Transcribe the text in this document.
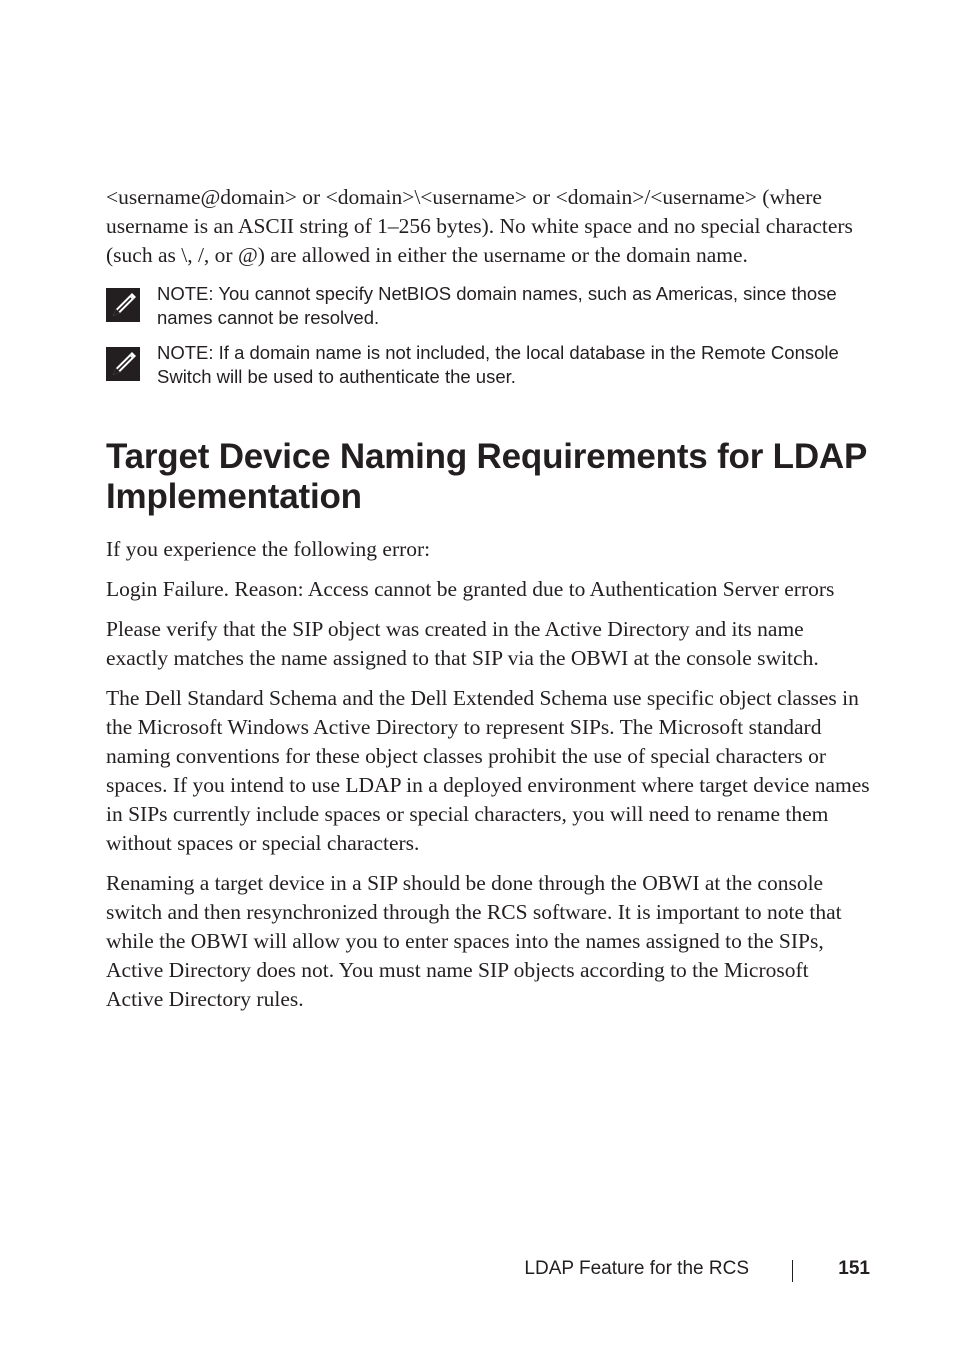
<username@domain> or <domain>\<username> or <domain>/<username> (where username is an ASCII string of 1–256 bytes). No white space and no special characters (such as \, /, or @) are allowed in either the username or the domain name.

NOTE: You cannot specify NetBIOS domain names, such as Americas, since those names cannot be resolved.
NOTE: If a domain name is not included, the local database in the Remote Console Switch will be used to authenticate the user.
Target Device Naming Requirements for LDAP Implementation

If you experience the following error:

Login Failure. Reason: Access cannot be granted due to Authentication Server errors

Please verify that the SIP object was created in the Active Directory and its name exactly matches the name assigned to that SIP via the OBWI at the console switch.

The Dell Standard Schema and the Dell Extended Schema use specific object classes in the Microsoft Windows Active Directory to represent SIPs. The Microsoft standard naming conventions for these object classes prohibit the use of special characters or spaces. If you intend to use LDAP in a deployed environment where target device names in SIPs currently include spaces or special characters, you will need to rename them without spaces or special characters.

Renaming a target device in a SIP should be done through the OBWI at the console switch and then resynchronized through the RCS software. It is important to note that while the OBWI will allow you to enter spaces into the names assigned to the SIPs, Active Directory does not. You must name SIP objects according to the Microsoft Active Directory rules.

LDAP Feature for the RCS	151
